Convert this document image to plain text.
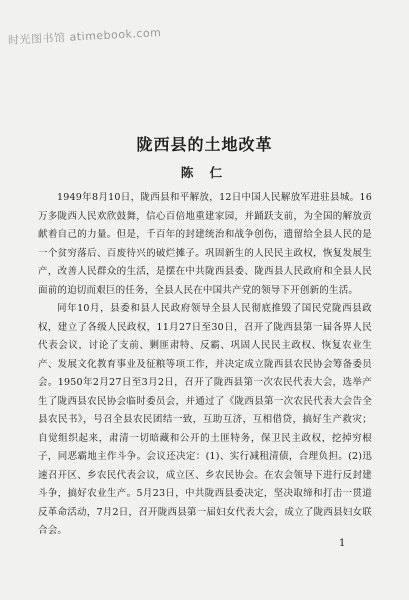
时光图书馆 atimebook.com
陇西县的土地改革
陈 仁

1949年8月10日，陇西县和平解放，12日中国人民解放军进驻县城。16万多陇西人民欢欣鼓舞，信心百倍地重建家园，并踊跃支前，为全国的解放贡献着自己的力量。但是，千百年的封建统治和战争创伤，遗留给全县人民的是一个贫穷落后、百废待兴的破烂摊子。巩固新生的人民民主政权，恢复发展生产，改善人民群众的生活，是摆在中共陇西县委、陇西县人民政府和全县人民面前的迫切而艰巨的任务，全县人民在中国共产党的领导下开创新的生活。

同年10月，县委和县人民政府领导全县人民彻底推毁了国民党陇西县政权，建立了各级人民政权，11月27日至30日，召开了陇西县第一届各界人民代表会议，讨论了支前、剿匪肃特、反霸、巩固人民民主政权、恢复农业生产、发展文化教育事业及征粮等项工作，并决定成立陇西县农民协会筹备委员会。1950年2月27日至3月2日，召开了陇西县第一次农民代表大会，选举产生了陇西县农民协会临时委员会，并通过了《陇西县第一次农民代表大会告全县农民书》，号召全县农民团结一致，互助互济，互相借贷，搞好生产救灾；自觉组织起来，肃清一切暗藏和公开的土匪特务，保卫民主政权，挖掉穷根子，同恶霸地主作斗争。会议还决定：(1)、实行减租清债，合理负担。(2)迅速召开区、乡农民代表会议，成立区、乡农民协会。在农会领导下进行反封建斗争，搞好农业生产。5月23日，中共陇西县委决定，坚决取缔和打击一贯道反革命活动，7月2日，召开陇西县第一届妇女代表大会，成立了陇西县妇女联合会。

1
